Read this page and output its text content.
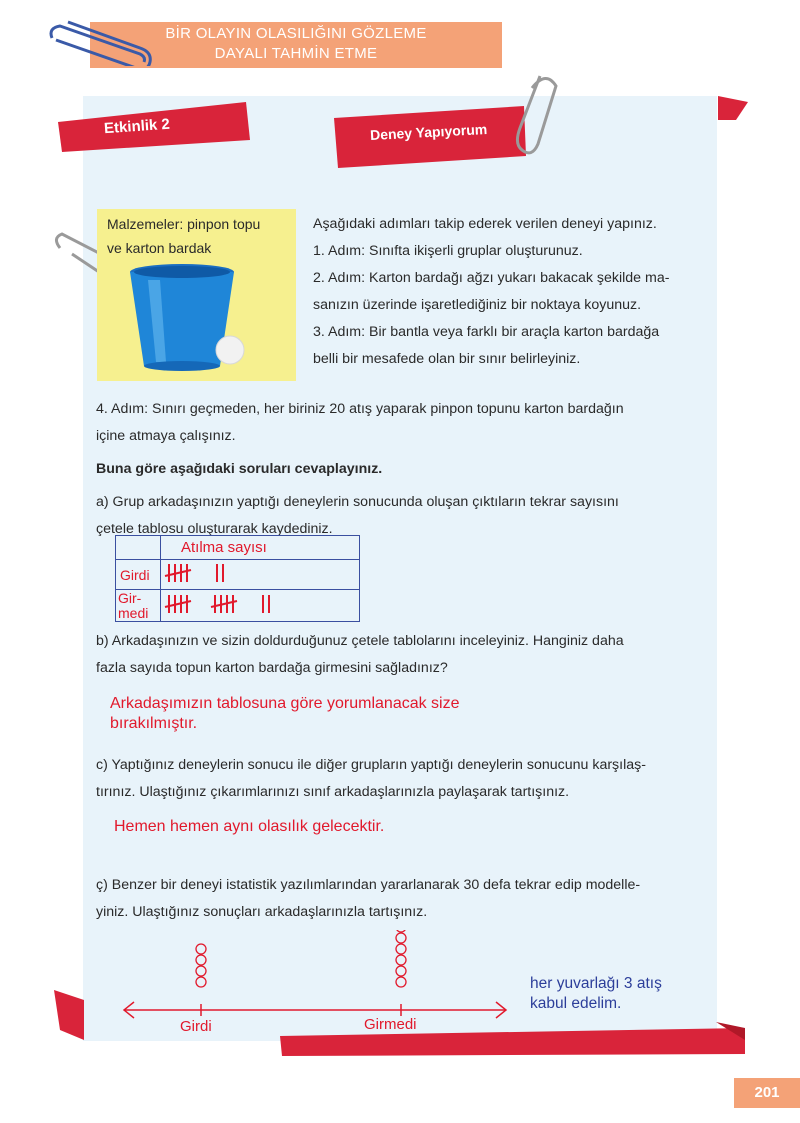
BİR OLAYIN OLASILIĞINI GÖZLEME
DAYALI TAHMİN ETME
Etkinlik 2	Deney Yapıyorum
Malzemeler: pinpon topu
ve karton bardak

Aşağıdaki adımları takip ederek verilen deneyi yapınız.

1. Adım: Sınıfta ikişerli gruplar oluşturunuz.

2. Adım: Karton bardağı ağzı yukarı bakacak şekilde ma-

sanızın üzerinde işaretlediğiniz bir noktaya koyunuz.

3. Adım: Bir bantla veya farklı bir araçla karton bardağa

belli bir mesafede olan bir sınır belirleyiniz.

4. Adım: Sınırı geçmeden, her biriniz 20 atış yaparak pinpon topunu karton bardağın

içine atmaya çalışınız.

Buna göre aşağıdaki soruları cevaplayınız.

a) Grup arkadaşınızın yaptığı deneylerin sonucunda oluşan çıktıların tekrar sayısını

çetele tablosu oluşturarak kaydediniz.

	Atılma sayısı
Girdi	

Gir-
medi

b) Arkadaşınızın ve sizin doldurduğunuz çetele tablolarını inceleyiniz. Hanginiz daha

fazla sayıda topun karton bardağa girmesini sağladınız?

Arkadaşımızın tablosuna göre yorumlanacak size
bırakılmıştır.

c) Yaptığınız deneylerin sonucu ile diğer grupların yaptığı deneylerin sonucunu karşılaş-

tırınız. Ulaştığınız çıkarımlarınızı sınıf arkadaşlarınızla paylaşarak tartışınız.

Hemen hemen aynı olasılık gelecektir.

ç) Benzer bir deneyi istatistik yazılımlarından yararlanarak 30 defa tekrar edip modelle-

yiniz. Ulaştığınız sonuçları arkadaşlarınızla tartışınız.

Girdi	Girmedi
her yuvarlağı 3 atış
kabul edelim.
201
